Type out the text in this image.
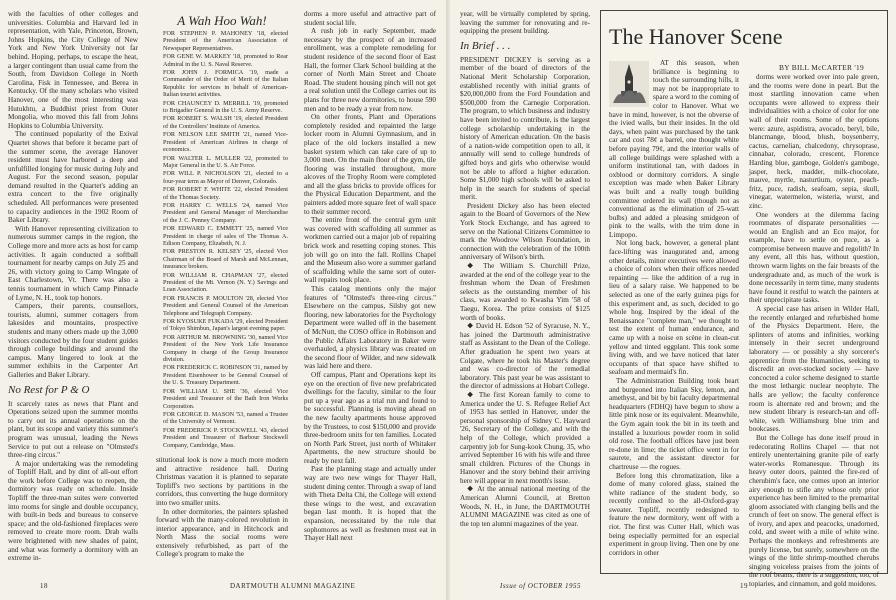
with the faculties of other colleges and universities. Columbia and Harvard led in representation, with Yale, Princeton, Brown, Johns Hopkins, the City College of New York and New York University not far behind. Hoping, perhaps, to escape the heat, a larger contingent than usual came from the South, from Davidson College in North Carolina, Fisk in Tennessee, and Berea in Kentucky. Of the many scholars who visited Hanover, one of the most interesting was Hutukhtu, a Buddhist priest from Outer Mongolia, who moved this fall from Johns Hopkins to Columbia University.

The continued popularity of the Exival Quartet shows that before it became part of the summer scene, the average Hanover resident must have harbored a deep and unfulfilled longing for music during July and August. For the second season, popular demand resulted in the Quartet's adding an extra concert to the five originally scheduled. All performances were presented to capacity audiences in the 1902 Room of Baker Library.

With Hanover representing civilization to numerous summer camps in the region, the College more and more acts as host for camp activities. It again conducted a softball tournament for nearby camps on July 25 and 26, with victory going to Camp Wingate of East Charlestown, Vt. There was also a tennis tournament in which Camp Pinnacle of Lyme, N. H., took top honors.

Campers, their parents, counsellors, tourists, alumni, summer cottagers from lakesides and mountains, prospective students and many others made up the 3,000 visitors conducted by the four student guides through college buildings and around the campus. Many lingered to look at the summer exhibits in the Carpenter Art Galleries and Baker Library.

No Rest for P & O

It scarcely rates as news that Plant and Operations seized upon the summer months to carry out its annual operations on the plant, but its scope and variety this summer's program was unusual, leading the News Service to put out a release on "Olmsted's three-ring circus."

A major undertaking was the remodeling of Topliff Hall, and by dint of all-out effort the work before College was to reopen, the dormitory was ready on schedule. Inside Topliff the three-man suites were converted into rooms for single and double occupancy, with built-in beds and bureaus to conserve space; and the old-fashioned fireplaces were removed to create more room. Drab walls were brightened with new shades of paint, and what was formerly a dormitory with an extreme in-

A Wah Hoo Wah!

FOR STEPHEN P. MAHONEY '18, elected President of the American Association of Newspaper Representatives.

FOR GENE W. MARKEY '18, promoted to Rear Admiral in the U. S. Naval Reserve.

FOR JOHN J. FORMICA '19, made a Commander of the Order of Merit of the Italian Republic for services in behalf of American-Italian tourist activities.

FOR CHAUNCEY D. MERRILL '19, promoted to Brigadier General in the U. S. Army Reserve.

FOR ROBERT S. WALSH '19, elected President of the Controllers' Institute of America.

FOR NELSON LEE SMITH '21, named Vice-President of American Airlines in charge of economics.

FOR WALTER L. MULLER '22, promoted to Major General in the U. S. Air Force.

FOR WILL P. NICHOLSON '21, elected to a four-year term as Mayor of Denver, Colorado.

FOR ROBERT F. WHITE '22, elected President of the Thomas Society.

FOR HARRY C. WELLS '24, named Vice President and General Manager of Merchandise of the J. C. Penney Company.

FOR EDWARD C. EMMETT '25, named Vice President in charge of sales of The Thomas A. Edison Company, Elizabeth, N. J.

FOR PRESTON R. KELSEY '25, elected Vice Chairman of the Board of Marsh and McLennan, insurance brokers.

FOR WILLIAM R. CHAPMAN '27, elected President of the Mt. Vernon (N. Y.) Savings and Loan Association.

FOR FRANCIS P. MOULTON '28, elected Vice President and General Counsel of the American Telephone and Telegraph Company.

FOR KYOSUKE FUKADA '29, elected President of Tokyo Shimbun, Japan's largest evening paper.

FOR ARTHUR M. BROWNING '30, named Vice President of the New York Life Insurance Company in charge of the Group Insurance division.

FOR FREDERICK C. ROBINSON '31, named by President Eisenhower to be General Counsel of the U. S. Treasury Department.

FOR WILLIAM U. SHE '36, elected Vice President and Treasurer of the Bath Iron Works Corporation.

FOR GEORGE D. MASON '53, named a Trustee of the University of Vermont.

FOR FREDERICK P. STOCKWELL '43, elected President and Treasurer of Barbour Stockwell Company, Cambridge, Mass.

stitutional look is now a much more modern and attractive residence hall. During Christmas vacation it is planned to separate Topliff's two sections by partitions in the corridors, thus converting the huge dormitory into two smaller units.

In other dormitories, the painters splashed forward with the many-colored revolution in interior appearance, and in Hitchcock and North Mass the social rooms were extensively refurbished, as part of the College's program to make the

dorms a more useful and attractive part of student social life.

A rush job in early September, made necessary by the prospect of an increased enrollment, was a complete remodeling for student residence of the second floor of East Hall, the former Clark School building at the corner of North Main Street and Choate Road. The student housing pinch will not get a real solution until the College carries out its plans for three new dormitories, to house 590 men and to be ready a year from now.

On other fronts, Plant and Operations completely resided and repainted the large locker room in Alumni Gymnasium, and in place of the old lockers installed a new basket system which can take care of up to 3,000 men. On the main floor of the gym, tile flooring was installed throughout, more alcoves of the Trophy Room were completed and all the glass bricks to provide offices for the Physical Education Department, and the painters added more square feet of wall space to their summer record.

The entire front of the central gym unit was covered with scaffolding all summer as workmen carried out a major job of repairing brick work and resetting coping stones. This job will go on into the fall. Rollins Chapel and the Museum also wore a summer garland of scaffolding while the same sort of outer-wall repairs took place.

This catalog mentions only the major features of "Olmsted's three-ring circus." Elsewhere on the campus, Silsby got new flooring, new laboratories for the Psychology Department were walled off in the basement of McNutt, the COSO office in Robinson and the Public Affairs Laboratory in Baker were overhauled, a physics library was created on the second floor of Wilder, and new sidewalk was laid here and there.

Off campus, Plant and Operations kept its eye on the erection of five new prefabricated dwellings for the faculty, similar to the four put up a year ago as a trial run and found to be successful. Planning is moving ahead on the new faculty apartments house approved by the Trustees, to cost $150,000 and provide three-bedroom units for ten families. Located on North Park Street, just north of Whitaker Apartments, the new structure should be ready by next fall.

Past the planning stage and actually under way are two new wings for Thayer Hall, student dining center. Through a swap of land with Theta Delta Chi, the College will extend these wings to the west, and excavation began last month. It is hoped that the expansion, necessitated by the rule that sophomores as well as freshmen must eat in Thayer Hall next

18	DARTMOUTH ALUMNI MAGAZINE

year, will be virtually completed by spring, leaving the summer for renovating and re-equipping the present building.

In Brief . . .

PRESIDENT DICKEY is serving as a member of the board of directors of the National Merit Scholarship Corporation, established recently with initial grants of $20,000,000 from the Ford Foundation and $500,000 from the Carnegie Corporation. The program, to which business and industry have been invited to contribute, is the largest college scholarship undertaking in the history of American education. On the basis of a nation-wide competition open to all, it annually will send to college hundreds of gifted boys and girls who otherwise would not be able to afford a higher education. Some $1,000 high schools will be asked to help in the search for students of special merit.

President Dickey also has been elected again to the Board of Governors of the New York Stock Exchange, and has agreed to serve on the National Citizens Committee to mark the Woodrow Wilson Foundation, in connection with the celebration of the 100th anniversary of Wilson's birth.

❖ The William S. Churchill Prize, awarded at the end of the college year to the freshman whom the Dean of Freshmen selects as the outstanding member of his class, was awarded to Kwasha Yim '58 of Taegu, Korea. The prize consists of $125 worth of books.

❖ David H. Edson '52 of Syracuse, N. Y., has joined the Dartmouth administrative staff as Assistant to the Dean of the College. After graduation he spent two years at Colgate, where he took his Master's degree and was co-director of the remedial laboratory. This past year he was assistant to the director of admissions at Hobart College.

❖ The first Korean family to come to America under the U. S. Refugee Relief Act of 1953 has settled in Hanover, under the personal sponsorship of Sidney C. Hayward '26, Secretary of the College, and with the help of the College, which provided a carpentry job for Sung-kook Chung, 35, who arrived September 16 with his wife and three small children. Pictures of the Chungs in Hanover and the story behind their arriving here will appear in next month's issue.

❖ At the annual national meeting of the American Alumni Council, at Bretton Woods, N. H., in June, the DARTMOUTH ALUMNI MAGAZINE was cited as one of the top ten alumni magazines of the year.

The Hanover Scene
BY BILL McCARTER '19

AT this season, when brilliance is beginning to touch the surrounding hills, it may not be inappropriate to spare a word to the coming of color to Hanover. What we have in mind, however, is not the obverse of the ivied walls, but their insides. In the old days, when paint was purchased by the tank car and cost 78¢ a barrel, one thought white before paying 79¢, and the interior walls of all college buildings were splashed with a uniform institutional tan, with dadoes in oxblood or dormitory corridors. A single exception was made when Baker Library was built and a really tough building committee ordered its wall (though not as conventional as the elimination of 25-watt bulbs) and added a pleasing smidgeon of pink to the walls, with the trim done in Limpopo.

Not long back, however, a general plant face-lifting was inaugurated and, among other details, minor executives were allowed a choice of colors when their offices needed repainting — like the addition of a rug in lieu of a salary raise. We happened to be selected as one of the early guinea pigs for this experiment and, as such, decided to go whole hog. Inspired by the ideal of the Renaissance "complete man," we thought to test the extent of human endurance, and came up with a noise en scène in clean-cut yellow and tinted eggplant. This took some living with, and we have noticed that later occupants of that space have shifted to seafoam and mermaid's fin.

The Administration Building took heart and burgeoned into Italian Sky, lemon, and amethyst, and bit by bit faculty departmental headquarters (FDHQ) have begun to show a little pink nose or its equivalent. Meanwhile, the Gym again took the bit in its teeth and installed a luxurious powder room in solid old rose. The football offices have just been re-done in lime; the ticket office went in for saurete, and the assistant director for chartreuse — the rogues.

Before long this chromatization, like a dome of many colored glass, stained the white radiance of the student body, so recently confined to the all-Oxford-gray sweater. Topliff, recently redesigned to feature the new dormitory, went off with a riot. The first was Cutter Hall, which was being especially permitted for an especial experiment in group living. Then one by one corridors in other

dorms were worked over into pale green, and the rooms were done in pearl. But the most startling innovation came when occupants were allowed to express their individualities with a choice of color for one wall of their rooms. Some of the options were: azure, aspidistra, avocado, beryl, bile, blancmange, blood, blush, boysenberry, cactus, carnelian, chalcedony, chrysoprase, cinnabar, colorado, crescent, Florence Harding blue, gamboge, Golden's gamboge, jasper, heck, madder, milk-chocolate, mauve, myrtle, nasturtium, oyster, peach-fritz, puce, radish, seafoam, sepia, skull, vinegar, watermelon, wisteria, wurst, and zinc.

One wonders at the dilemma facing roommates of disparate personalities — would an English and an Eco major, for example, have to settle on puce, as a compromise between mauve and regolith? In any event, all this has, without question, thrown warm lights on the fair breasts of the undergraduate and, as much of the work is done necessarily in term time, many students have found it restful to watch the painters at their unprecipitate tasks.

A special case has arisen in Wilder Hall, the recently enlarged and refurbished home of the Physics Department. Here, the splinters of atoms and infinities, working intensely in their secret underground laboratory — or possibly a shy sorcerer's apprentice from the Humanities, seeking to discredit an over-stocked society — have concocted a color scheme designed to startle the most lethargic nuclear neophyte. The halls are yellow; the faculty conference room is alternate red and brown; and the new student library is research-tan and off-white, with Williamsburg blue trim and bookcases.

But the College has done itself proud in redecorating Rollins Chapel — that not entirely unentertaining granite pile of early water-works Romanesque. Through its heavy outer doors, painted the fire-red of cherubim's face, one comes upon an interior airy enough to stifle any whose only prior experience has been limited to the premarital gloom associated with clanging bells and the crunch of feet on snow. The general effect is of ivory, and apex and peacocks, unadorned, cold, and sweet with a mile of white wine. Perhaps the monkeys and refreshments are purely license, but surely, somewhere on the wings of the little shrimp-mouthed cherubs singing voiceless praises from the joints of the roof beams, there is a suggestion, too, of topiaries, and cinnamon, and gold moidores.

Issue of OCTOBER 1955	19
